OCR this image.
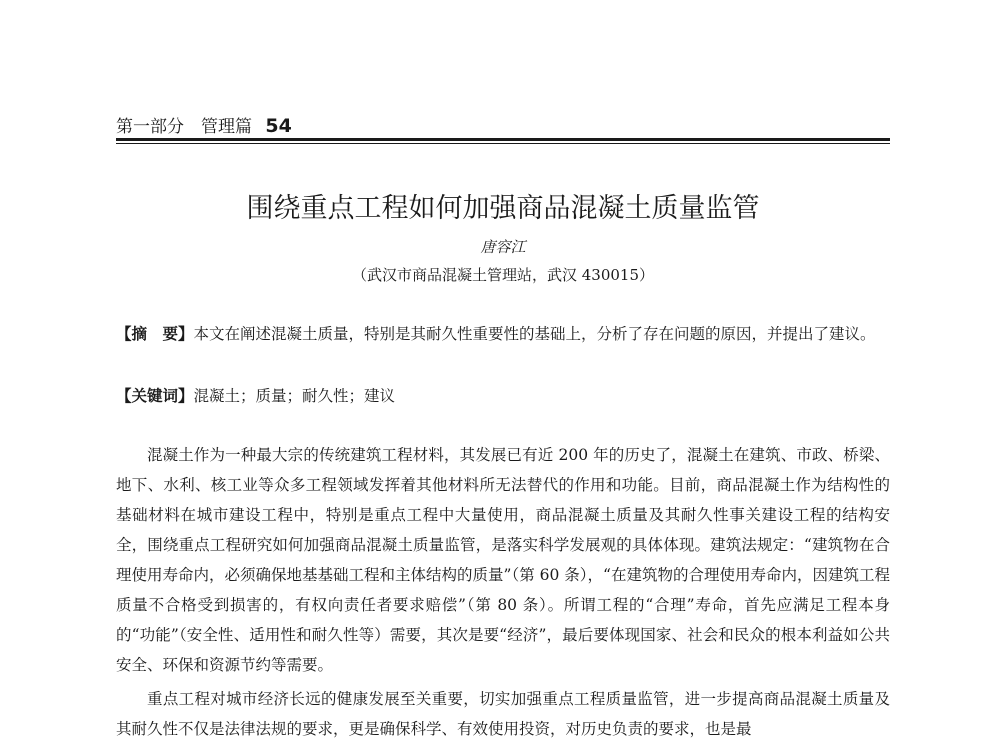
第一部分　管理篇 54
围绕重点工程如何加强商品混凝土质量监管
唐容江
（武汉市商品混凝土管理站，武汉 430015）
【摘　要】本文在阐述混凝土质量，特别是其耐久性重要性的基础上，分析了存在问题的原因，并提出了建议。
【关键词】混凝土；质量；耐久性；建议

混凝土作为一种最大宗的传统建筑工程材料，其发展已有近 200 年的历史了，混凝土在建筑、市政、桥梁、地下、水利、核工业等众多工程领域发挥着其他材料所无法替代的作用和功能。目前，商品混凝土作为结构性的基础材料在城市建设工程中，特别是重点工程中大量使用，商品混凝土质量及其耐久性事关建设工程的结构安全，围绕重点工程研究如何加强商品混凝土质量监管，是落实科学发展观的具体体现。建筑法规定：“建筑物在合理使用寿命内，必须确保地基基础工程和主体结构的质量”（第 60 条），“在建筑物的合理使用寿命内，因建筑工程质量不合格受到损害的，有权向责任者要求赔偿”（第 80 条）。所谓工程的“合理”寿命，首先应满足工程本身的“功能”（安全性、适用性和耐久性等）需要，其次是要“经济”，最后要体现国家、社会和民众的根本利益如公共安全、环保和资源节约等需要。

重点工程对城市经济长远的健康发展至关重要，切实加强重点工程质量监管，进一步提高商品混凝土质量及其耐久性不仅是法律法规的要求，更是确保科学、有效使用投资，对历史负责的要求，也是最
